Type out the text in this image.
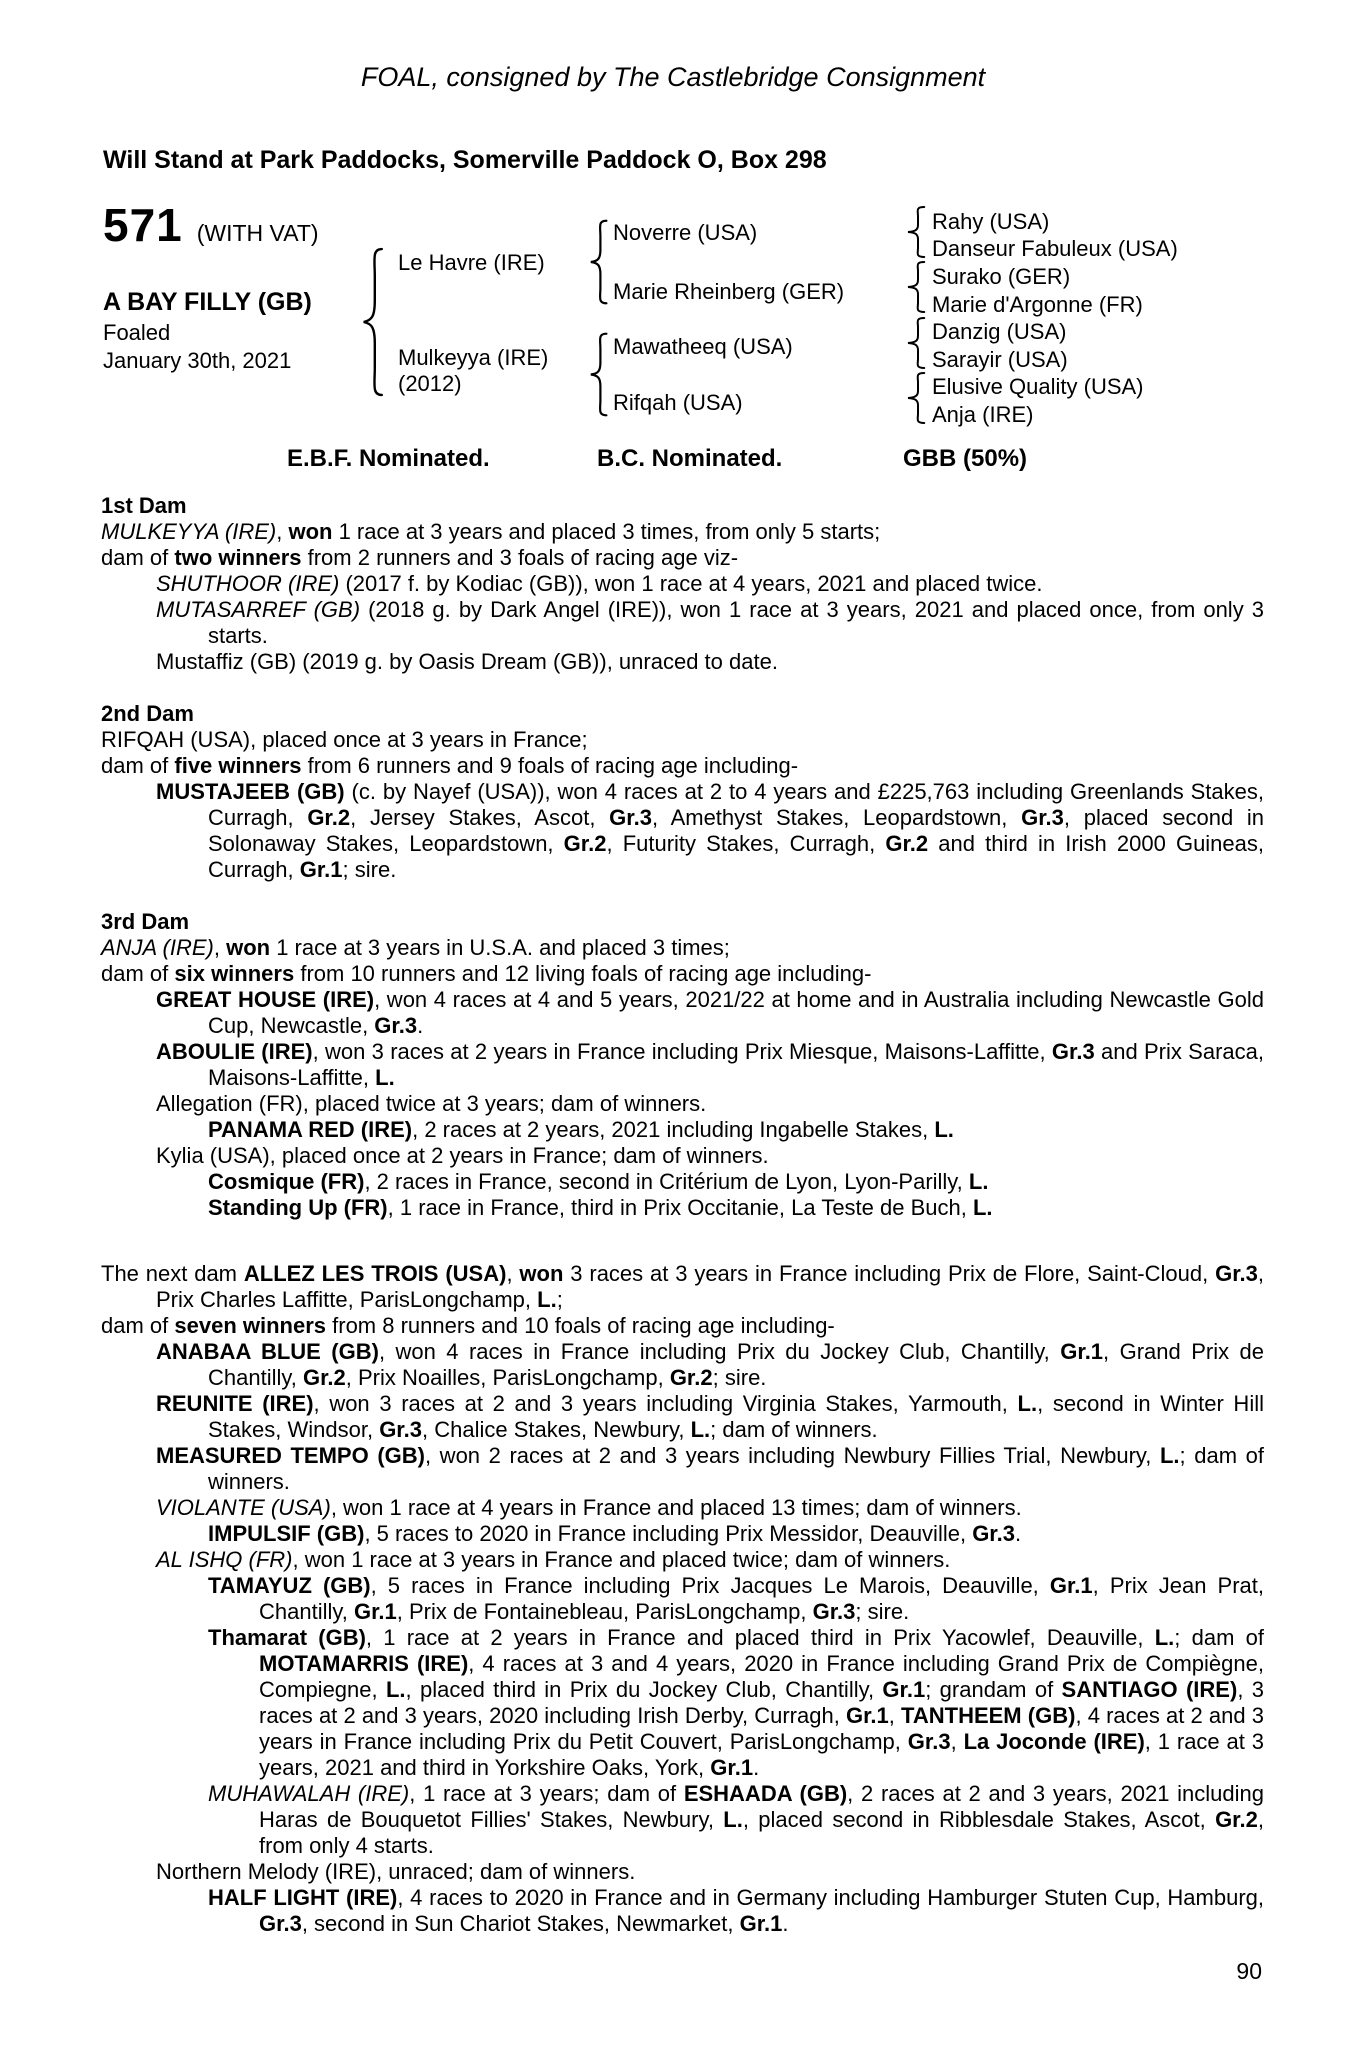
FOAL, consigned by The Castlebridge Consignment
Will Stand at Park Paddocks, Somerville Paddock O, Box 298
571 (WITH VAT)
A BAY FILLY (GB)
Foaled
January 30th, 2021
Le Havre (IRE)
Mulkeyya (IRE)
(2012)
Noverre (USA)
Marie Rheinberg (GER)
Mawatheeq (USA)
Rifqah (USA)
Rahy (USA)
Danseur Fabuleux (USA)
Surako (GER)
Marie d'Argonne (FR)
Danzig (USA)
Sarayir (USA)
Elusive Quality (USA)
Anja (IRE)
E.B.F. Nominated.	B.C. Nominated.	GBB (50%)
1st Dam

MULKEYYA (IRE), won 1 race at 3 years and placed 3 times, from only 5 starts;

dam of two winners from 2 runners and 3 foals of racing age viz-

SHUTHOOR (IRE) (2017 f. by Kodiac (GB)), won 1 race at 4 years, 2021 and placed twice.

MUTASARREF (GB) (2018 g. by Dark Angel (IRE)), won 1 race at 3 years, 2021 and placed once, from only 3 starts.

Mustaffiz (GB) (2019 g. by Oasis Dream (GB)), unraced to date.

2nd Dam

RIFQAH (USA), placed once at 3 years in France;

dam of five winners from 6 runners and 9 foals of racing age including-

MUSTAJEEB (GB) (c. by Nayef (USA)), won 4 races at 2 to 4 years and £225,763 including Greenlands Stakes, Curragh, Gr.2, Jersey Stakes, Ascot, Gr.3, Amethyst Stakes, Leopardstown, Gr.3, placed second in Solonaway Stakes, Leopardstown, Gr.2, Futurity Stakes, Curragh, Gr.2 and third in Irish 2000 Guineas, Curragh, Gr.1; sire.

3rd Dam

ANJA (IRE), won 1 race at 3 years in U.S.A. and placed 3 times;

dam of six winners from 10 runners and 12 living foals of racing age including-

GREAT HOUSE (IRE), won 4 races at 4 and 5 years, 2021/22 at home and in Australia including Newcastle Gold Cup, Newcastle, Gr.3.

ABOULIE (IRE), won 3 races at 2 years in France including Prix Miesque, Maisons-Laffitte, Gr.3 and Prix Saraca, Maisons-Laffitte, L.

Allegation (FR), placed twice at 3 years; dam of winners.

PANAMA RED (IRE), 2 races at 2 years, 2021 including Ingabelle Stakes, L.

Kylia (USA), placed once at 2 years in France; dam of winners.

Cosmique (FR), 2 races in France, second in Critérium de Lyon, Lyon-Parilly, L.

Standing Up (FR), 1 race in France, third in Prix Occitanie, La Teste de Buch, L.

The next dam ALLEZ LES TROIS (USA), won 3 races at 3 years in France including Prix de Flore, Saint-Cloud, Gr.3, Prix Charles Laffitte, ParisLongchamp, L.;

dam of seven winners from 8 runners and 10 foals of racing age including-

ANABAA BLUE (GB), won 4 races in France including Prix du Jockey Club, Chantilly, Gr.1, Grand Prix de Chantilly, Gr.2, Prix Noailles, ParisLongchamp, Gr.2; sire.

REUNITE (IRE), won 3 races at 2 and 3 years including Virginia Stakes, Yarmouth, L., second in Winter Hill Stakes, Windsor, Gr.3, Chalice Stakes, Newbury, L.; dam of winners.

MEASURED TEMPO (GB), won 2 races at 2 and 3 years including Newbury Fillies Trial, Newbury, L.; dam of winners.

VIOLANTE (USA), won 1 race at 4 years in France and placed 13 times; dam of winners.

IMPULSIF (GB), 5 races to 2020 in France including Prix Messidor, Deauville, Gr.3.

AL ISHQ (FR), won 1 race at 3 years in France and placed twice; dam of winners.

TAMAYUZ (GB), 5 races in France including Prix Jacques Le Marois, Deauville, Gr.1, Prix Jean Prat, Chantilly, Gr.1, Prix de Fontainebleau, ParisLongchamp, Gr.3; sire.

Thamarat (GB), 1 race at 2 years in France and placed third in Prix Yacowlef, Deauville, L.; dam of MOTAMARRIS (IRE), 4 races at 3 and 4 years, 2020 in France including Grand Prix de Compiègne, Compiegne, L., placed third in Prix du Jockey Club, Chantilly, Gr.1; grandam of SANTIAGO (IRE), 3 races at 2 and 3 years, 2020 including Irish Derby, Curragh, Gr.1, TANTHEEM (GB), 4 races at 2 and 3 years in France including Prix du Petit Couvert, ParisLongchamp, Gr.3, La Joconde (IRE), 1 race at 3 years, 2021 and third in Yorkshire Oaks, York, Gr.1.

MUHAWALAH (IRE), 1 race at 3 years; dam of ESHAADA (GB), 2 races at 2 and 3 years, 2021 including Haras de Bouquetot Fillies' Stakes, Newbury, L., placed second in Ribblesdale Stakes, Ascot, Gr.2, from only 4 starts.

Northern Melody (IRE), unraced; dam of winners.

HALF LIGHT (IRE), 4 races to 2020 in France and in Germany including Hamburger Stuten Cup, Hamburg, Gr.3, second in Sun Chariot Stakes, Newmarket, Gr.1.

90
